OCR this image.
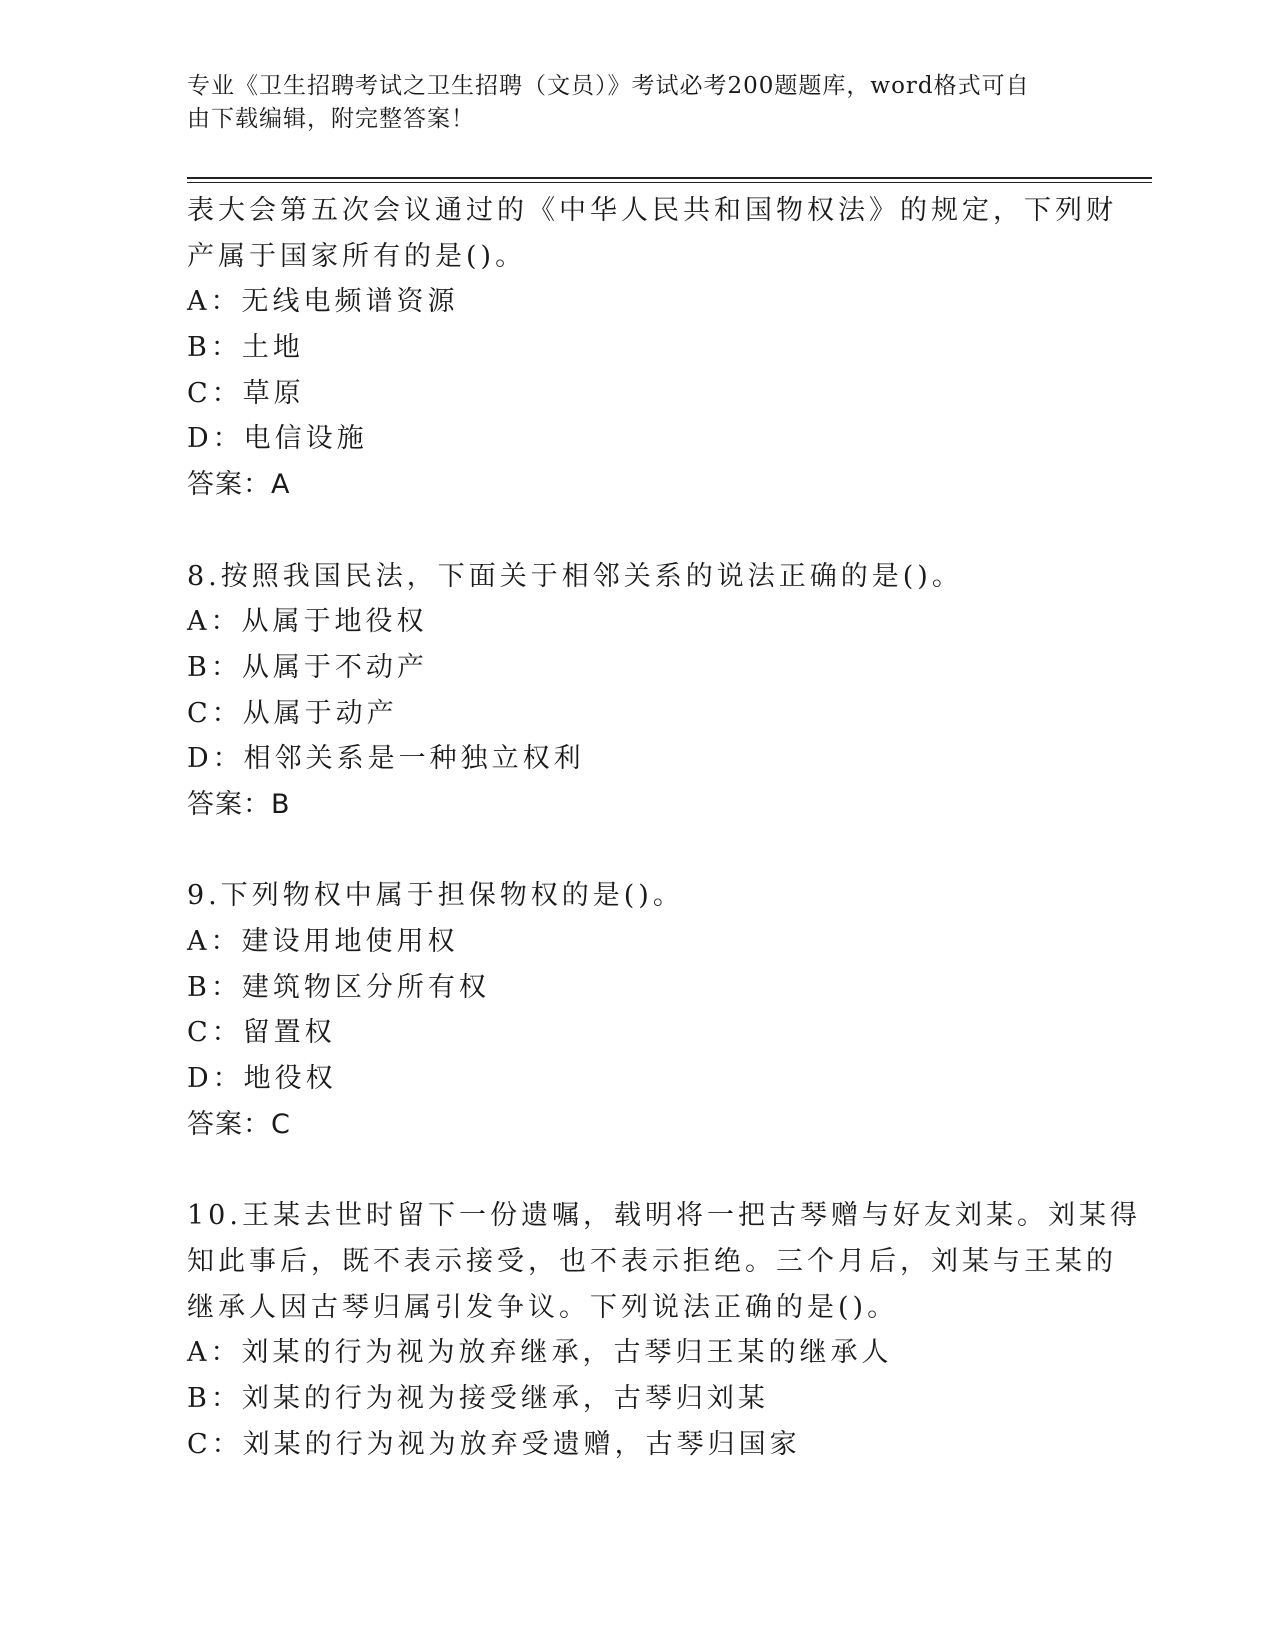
专业《卫生招聘考试之卫生招聘（文员）》考试必考200题题库，word格式可自
由下载编辑，附完整答案！
表大会第五次会议通过的《中华人民共和国物权法》的规定，下列财
产属于国家所有的是()。
A：无线电频谱资源
B：土地
C：草原
D：电信设施
答案：A
8.按照我国民法，下面关于相邻关系的说法正确的是()。
A：从属于地役权
B：从属于不动产
C：从属于动产
D：相邻关系是一种独立权利
答案：B
9.下列物权中属于担保物权的是()。
A：建设用地使用权
B：建筑物区分所有权
C：留置权
D：地役权
答案：C
10.王某去世时留下一份遗嘱，载明将一把古琴赠与好友刘某。刘某得
知此事后，既不表示接受，也不表示拒绝。三个月后，刘某与王某的
继承人因古琴归属引发争议。下列说法正确的是()。
A：刘某的行为视为放弃继承，古琴归王某的继承人
B：刘某的行为视为接受继承，古琴归刘某
C：刘某的行为视为放弃受遗赠，古琴归国家
